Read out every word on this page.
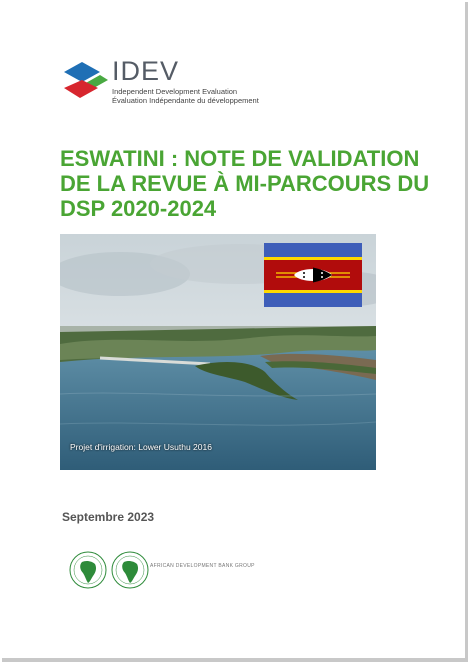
IDEV
Independent Development Evaluation
Évaluation Indépendante du développement
ESWATINI : NOTE DE VALIDATION
DE LA REVUE À MI-PARCOURS DU
DSP 2020-2024
Projet d'irrigation: Lower Usuthu 2016
Septembre 2023
AFRICAN DEVELOPMENT BANK GROUP
